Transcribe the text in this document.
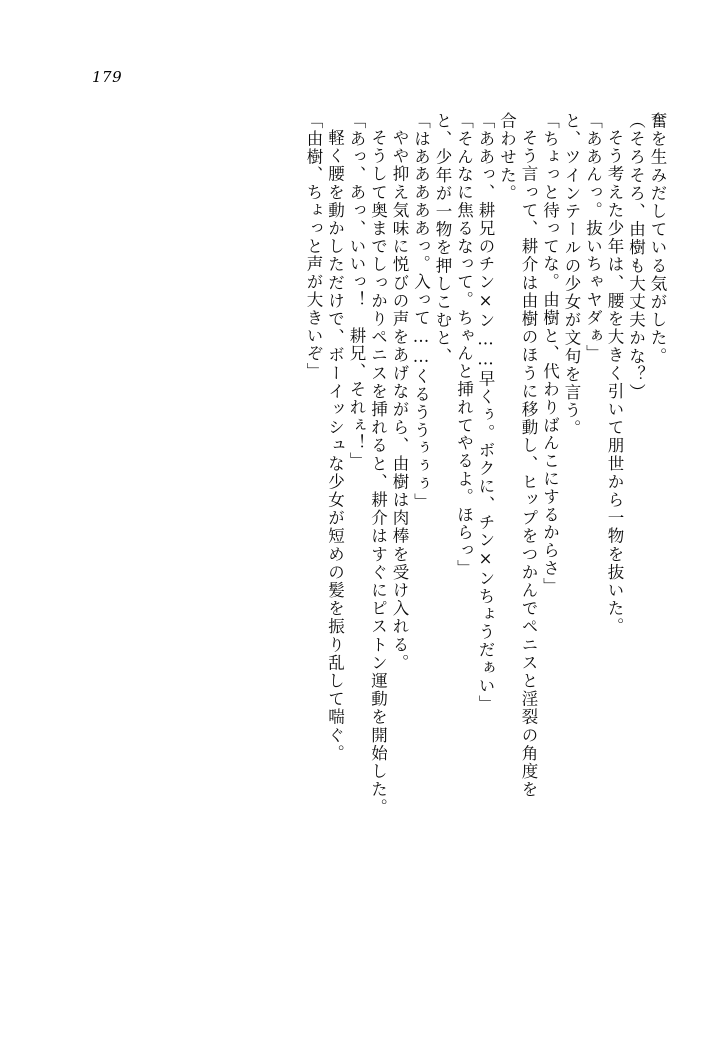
179
奮を生みだしている気がした。
（そろそろ、由樹も大丈夫かな？）
そう考えた少年は、腰を大きく引いて朋世から一物を抜いた。
「ああんっ。抜いちゃヤダぁ」
と、ツインテールの少女が文句を言う。
「ちょっと待ってな。由樹と、代わりばんこにするからさ」
そう言って、耕介は由樹のほうに移動し、ヒップをつかんでペニスと淫裂の角度を
合わせた。
「ああっ、耕兄のチン×ン……早くぅ。ボクに、チン×ンちょうだぁい」
「そんなに焦るなって。ちゃんと挿れてやるよ。ほらっ」
と、少年が一物を押しこむと、
「はあああああっ。入って……くるううぅぅぅ」
やや抑え気味に悦びの声をあげながら、由樹は肉棒を受け入れる。
そうして奥までしっかりペニスを挿れると、耕介はすぐにピストン運動を開始した。
「あっ、あっ、いいっ！　耕兄、それぇ！」
軽く腰を動かしただけで、ボーイッシュな少女が短めの髪を振り乱して喘ぐ。
「由樹、ちょっと声が大きいぞ」
